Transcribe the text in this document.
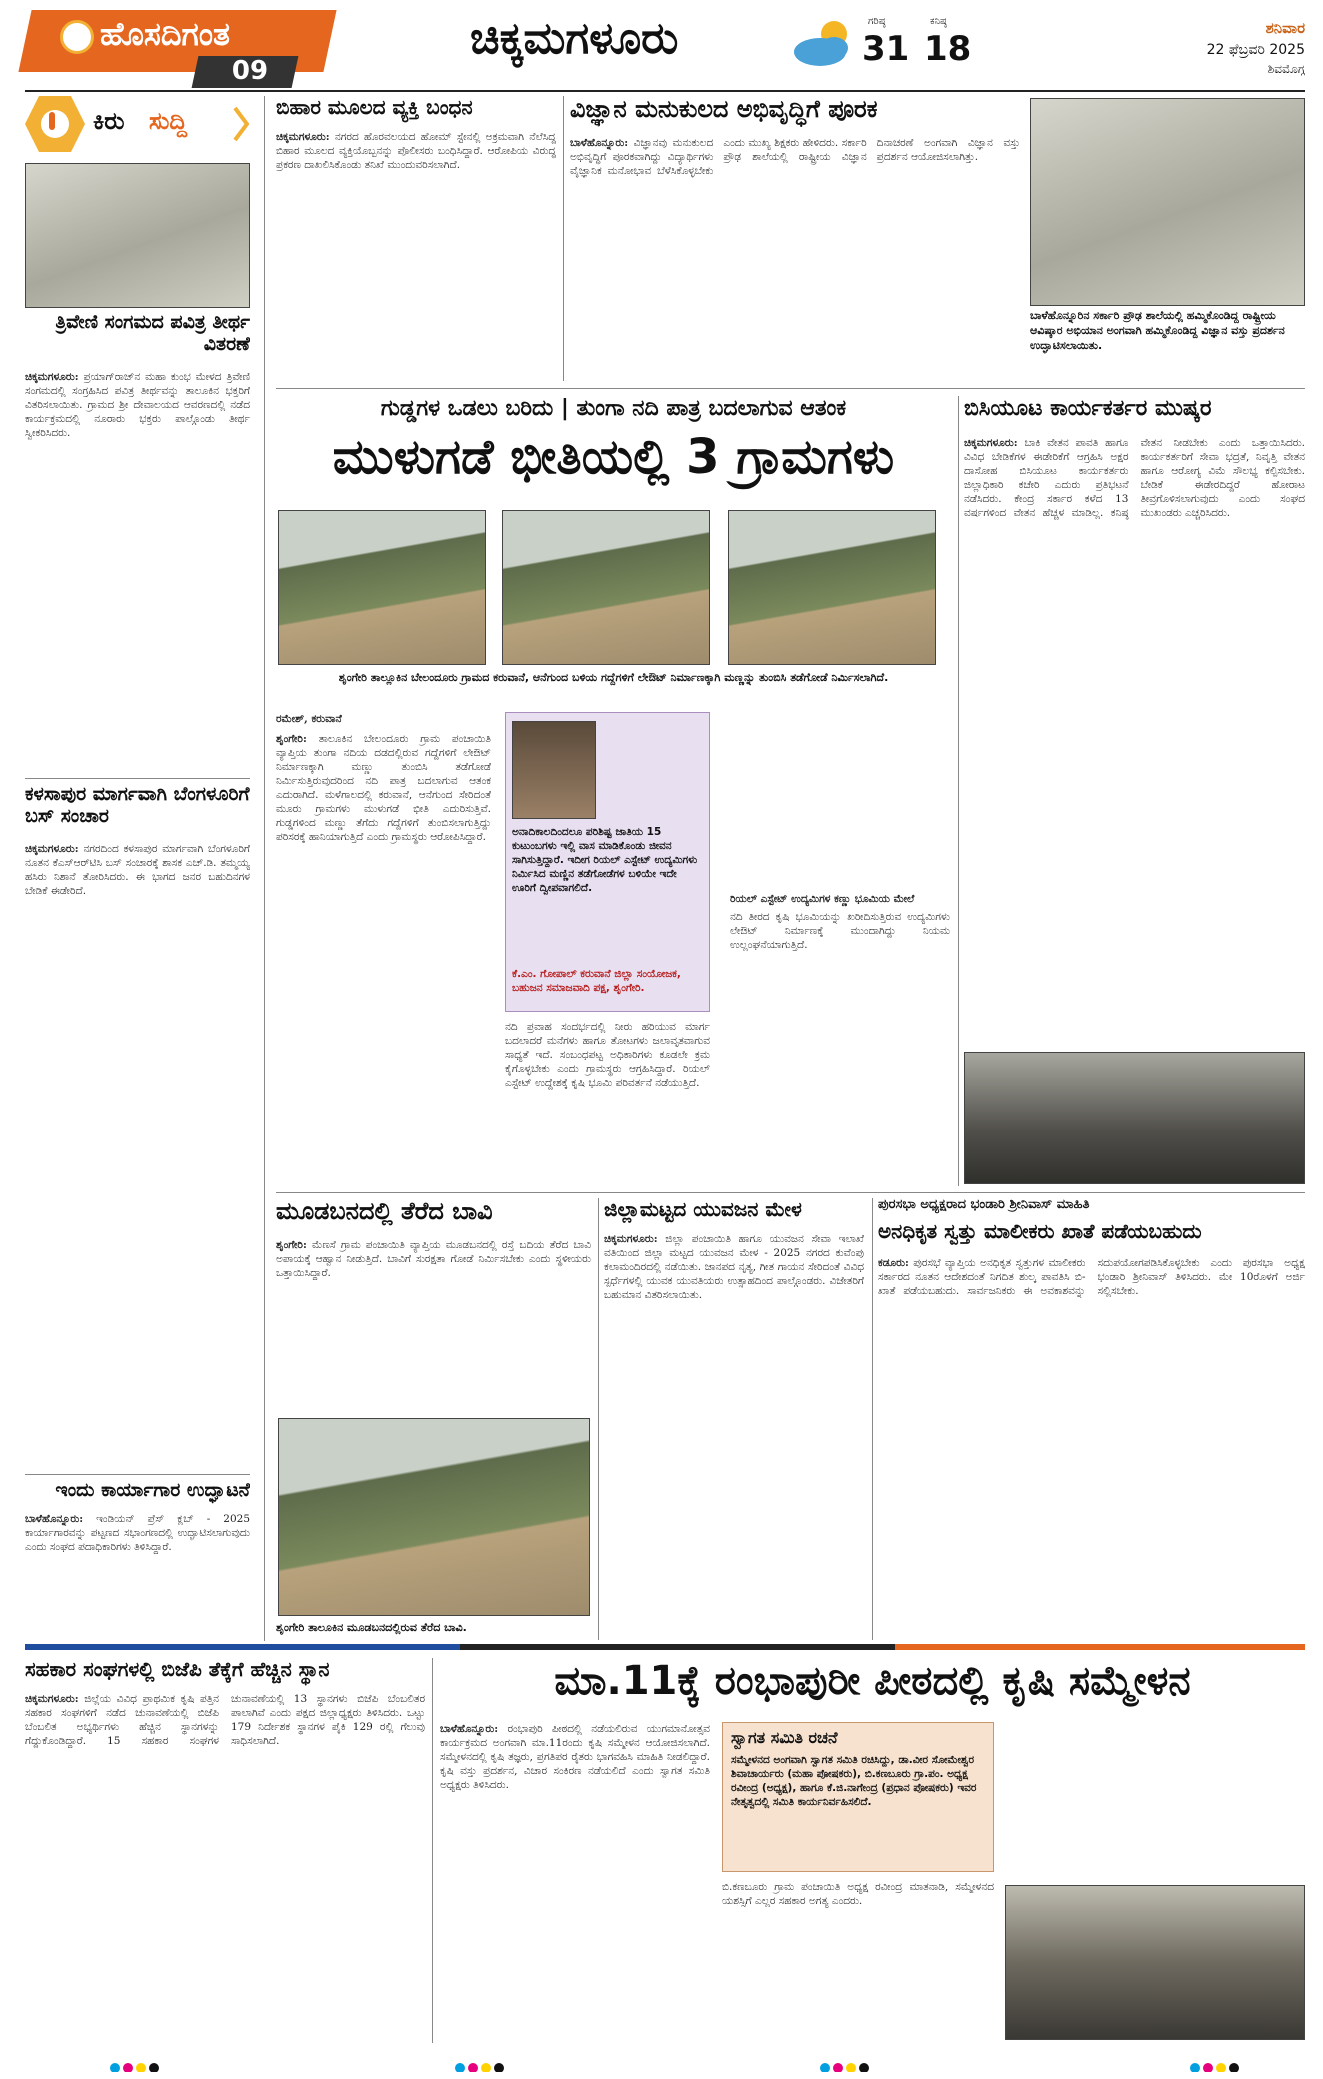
ಹೊಸದಿಗಂತ
09
ಚಿಕ್ಕಮಗಳೂರು	ಗರಿಷ್ಠ
31
ಕನಿಷ್ಠ
18
ಶನಿವಾರ
22 ಫೆಬ್ರವರಿ 2025
ಶಿವಮೊಗ್ಗ
ಕಿರು	ಸುದ್ದಿ
ತ್ರಿವೇಣಿ ಸಂಗಮದ ಪವಿತ್ರ ತೀರ್ಥ ವಿತರಣೆ
ಚಿಕ್ಕಮಗಳೂರು: ಪ್ರಯಾಗ್‌ರಾಜ್‌ನ ಮಹಾ ಕುಂಭ ಮೇಳದ ತ್ರಿವೇಣಿ ಸಂಗಮದಲ್ಲಿ ಸಂಗ್ರಹಿಸಿದ ಪವಿತ್ರ ತೀರ್ಥವನ್ನು ತಾಲೂಕಿನ ಭಕ್ತರಿಗೆ ವಿತರಿಸಲಾಯಿತು. ಗ್ರಾಮದ ಶ್ರೀ ದೇವಾಲಯದ ಆವರಣದಲ್ಲಿ ನಡೆದ ಕಾರ್ಯಕ್ರಮದಲ್ಲಿ ನೂರಾರು ಭಕ್ತರು ಪಾಲ್ಗೊಂಡು ತೀರ್ಥ ಸ್ವೀಕರಿಸಿದರು.
ಕಳಸಾಪುರ ಮಾರ್ಗವಾಗಿ ಬೆಂಗಳೂರಿಗೆ ಬಸ್ ಸಂಚಾರ
ಚಿಕ್ಕಮಗಳೂರು: ನಗರದಿಂದ ಕಳಸಾಪುರ ಮಾರ್ಗವಾಗಿ ಬೆಂಗಳೂರಿಗೆ ನೂತನ ಕೆಎಸ್ಆರ್‌ಟಿಸಿ ಬಸ್ ಸಂಚಾರಕ್ಕೆ ಶಾಸಕ ಎಚ್.ಡಿ. ತಮ್ಮಯ್ಯ ಹಸಿರು ನಿಶಾನೆ ತೋರಿಸಿದರು. ಈ ಭಾಗದ ಜನರ ಬಹುದಿನಗಳ ಬೇಡಿಕೆ ಈಡೇರಿದೆ.
ಇಂದು ಕಾರ್ಯಾಗಾರ ಉದ್ಘಾಟನೆ
ಬಾಳೆಹೊನ್ನೂರು: ಇಂಡಿಯನ್ ಪ್ರೆಸ್ ಕ್ಲಬ್ - 2025 ಕಾರ್ಯಾಗಾರವನ್ನು ಪಟ್ಟಣದ ಸಭಾಂಗಣದಲ್ಲಿ ಉದ್ಘಾಟಿಸಲಾಗುವುದು ಎಂದು ಸಂಘದ ಪದಾಧಿಕಾರಿಗಳು ತಿಳಿಸಿದ್ದಾರೆ.
ಬಿಹಾರ ಮೂಲದ ವ್ಯಕ್ತಿ ಬಂಧನ
ಚಿಕ್ಕಮಗಳೂರು: ನಗರದ ಹೊರವಲಯದ ಹೋಮ್ ಸ್ಟೇನಲ್ಲಿ ಅಕ್ರಮವಾಗಿ ನೆಲೆಸಿದ್ದ ಬಿಹಾರ ಮೂಲದ ವ್ಯಕ್ತಿಯೊಬ್ಬನನ್ನು ಪೊಲೀಸರು ಬಂಧಿಸಿದ್ದಾರೆ. ಆರೋಪಿಯ ವಿರುದ್ಧ ಪ್ರಕರಣ ದಾಖಲಿಸಿಕೊಂಡು ತನಿಖೆ ಮುಂದುವರಿಸಲಾಗಿದೆ.
ವಿಜ್ಞಾನ ಮನುಕುಲದ ಅಭಿವೃದ್ಧಿಗೆ ಪೂರಕ
ಬಾಳೆಹೊನ್ನೂರು: ವಿಜ್ಞಾನವು ಮನುಕುಲದ ಅಭಿವೃದ್ಧಿಗೆ ಪೂರಕವಾಗಿದ್ದು ವಿದ್ಯಾರ್ಥಿಗಳು ವೈಜ್ಞಾನಿಕ ಮನೋಭಾವ ಬೆಳೆಸಿಕೊಳ್ಳಬೇಕು ಎಂದು ಮುಖ್ಯ ಶಿಕ್ಷಕರು ಹೇಳಿದರು. ಸರ್ಕಾರಿ ಪ್ರೌಢ ಶಾಲೆಯಲ್ಲಿ ರಾಷ್ಟ್ರೀಯ ವಿಜ್ಞಾನ ದಿನಾಚರಣೆ ಅಂಗವಾಗಿ ವಿಜ್ಞಾನ ವಸ್ತು ಪ್ರದರ್ಶನ ಆಯೋಜಿಸಲಾಗಿತ್ತು.
ಬಾಳೆಹೊನ್ನೂರಿನ ಸರ್ಕಾರಿ ಪ್ರೌಢ ಶಾಲೆಯಲ್ಲಿ ಹಮ್ಮಿಕೊಂಡಿದ್ದ ರಾಷ್ಟ್ರೀಯ ಆವಿಷ್ಕಾರ ಅಭಿಯಾನ ಅಂಗವಾಗಿ ಹಮ್ಮಿಕೊಂಡಿದ್ದ ವಿಜ್ಞಾನ ವಸ್ತು ಪ್ರದರ್ಶನ ಉದ್ಘಾಟಿಸಲಾಯಿತು.
ಗುಡ್ಡಗಳ ಒಡಲು ಬರಿದು | ತುಂಗಾ ನದಿ ಪಾತ್ರ ಬದಲಾಗುವ ಆತಂಕ
ಮುಳುಗಡೆ ಭೀತಿಯಲ್ಲಿ 3 ಗ್ರಾಮಗಳು
ಶೃಂಗೇರಿ ತಾಲ್ಲೂಕಿನ ಬೇಲಂದೂರು ಗ್ರಾಮದ ಕರುವಾನೆ, ಆನೆಗುಂದ ಬಳಿಯ ಗದ್ದೆಗಳಿಗೆ ಲೇಔಟ್ ನಿರ್ಮಾಣಕ್ಕಾಗಿ ಮಣ್ಣನ್ನು ತುಂಬಿಸಿ ತಡೆಗೋಡೆ ನಿರ್ಮಿಸಲಾಗಿದೆ.
ರಮೇಶ್, ಕರುವಾನೆ
ಶೃಂಗೇರಿ: ತಾಲೂಕಿನ ಬೇಲಂದೂರು ಗ್ರಾಮ ಪಂಚಾಯಿತಿ ವ್ಯಾಪ್ತಿಯ ತುಂಗಾ ನದಿಯ ದಡದಲ್ಲಿರುವ ಗದ್ದೆಗಳಿಗೆ ಲೇಔಟ್ ನಿರ್ಮಾಣಕ್ಕಾಗಿ ಮಣ್ಣು ತುಂಬಿಸಿ ತಡೆಗೋಡೆ ನಿರ್ಮಿಸುತ್ತಿರುವುದರಿಂದ ನದಿ ಪಾತ್ರ ಬದಲಾಗುವ ಆತಂಕ ಎದುರಾಗಿದೆ. ಮಳೆಗಾಲದಲ್ಲಿ ಕರುವಾನೆ, ಆನೆಗುಂದ ಸೇರಿದಂತೆ ಮೂರು ಗ್ರಾಮಗಳು ಮುಳುಗಡೆ ಭೀತಿ ಎದುರಿಸುತ್ತಿವೆ. ಗುಡ್ಡಗಳಿಂದ ಮಣ್ಣು ತೆಗೆದು ಗದ್ದೆಗಳಿಗೆ ತುಂಬಿಸಲಾಗುತ್ತಿದ್ದು ಪರಿಸರಕ್ಕೆ ಹಾನಿಯಾಗುತ್ತಿದೆ ಎಂದು ಗ್ರಾಮಸ್ಥರು ಆರೋಪಿಸಿದ್ದಾರೆ.	ಅನಾದಿಕಾಲದಿಂದಲೂ ಪರಿಶಿಷ್ಟ ಜಾತಿಯ 15 ಕುಟುಂಬಗಳು ಇಲ್ಲಿ ವಾಸ ಮಾಡಿಕೊಂಡು ಜೀವನ ಸಾಗಿಸುತ್ತಿದ್ದಾರೆ. ಇದೀಗ ರಿಯಲ್ ಎಸ್ಟೇಟ್ ಉದ್ಯಮಿಗಳು ನಿರ್ಮಿಸಿದ ಮಣ್ಣಿನ ತಡೆಗೋಡೆಗಳ ಬಳಿಯೇ ಇದೇ ಊರಿಗೆ ದ್ವೀಪವಾಗಲಿದೆ.
ಕೆ.ಎಂ. ಗೋಪಾಲ್ ಕರುವಾನೆ ಜಿಲ್ಲಾ ಸಂಯೋಜಕ, ಬಹುಜನ ಸಮಾಜವಾದಿ ಪಕ್ಷ, ಶೃಂಗೇರಿ.
ನದಿ ಪ್ರವಾಹ ಸಂದರ್ಭದಲ್ಲಿ ನೀರು ಹರಿಯುವ ಮಾರ್ಗ ಬದಲಾದರೆ ಮನೆಗಳು ಹಾಗೂ ತೋಟಗಳು ಜಲಾವೃತವಾಗುವ ಸಾಧ್ಯತೆ ಇದೆ. ಸಂಬಂಧಪಟ್ಟ ಅಧಿಕಾರಿಗಳು ಕೂಡಲೇ ಕ್ರಮ ಕೈಗೊಳ್ಳಬೇಕು ಎಂದು ಗ್ರಾಮಸ್ಥರು ಆಗ್ರಹಿಸಿದ್ದಾರೆ. ರಿಯಲ್ ಎಸ್ಟೇಟ್ ಉದ್ದೇಶಕ್ಕೆ ಕೃಷಿ ಭೂಮಿ ಪರಿವರ್ತನೆ ನಡೆಯುತ್ತಿದೆ.
ರಿಯಲ್ ಎಸ್ಟೇಟ್ ಉದ್ಯಮಿಗಳ ಕಣ್ಣು ಭೂಮಿಯ ಮೇಲೆ
ನದಿ ತೀರದ ಕೃಷಿ ಭೂಮಿಯನ್ನು ಖರೀದಿಸುತ್ತಿರುವ ಉದ್ಯಮಿಗಳು ಲೇಔಟ್ ನಿರ್ಮಾಣಕ್ಕೆ ಮುಂದಾಗಿದ್ದು ನಿಯಮ ಉಲ್ಲಂಘನೆಯಾಗುತ್ತಿದೆ.
ಬಿಸಿಯೂಟ ಕಾರ್ಯಕರ್ತರ ಮುಷ್ಕರ
ಚಿಕ್ಕಮಗಳೂರು: ಬಾಕಿ ವೇತನ ಪಾವತಿ ಹಾಗೂ ವಿವಿಧ ಬೇಡಿಕೆಗಳ ಈಡೇರಿಕೆಗೆ ಆಗ್ರಹಿಸಿ ಅಕ್ಷರ ದಾಸೋಹ ಬಿಸಿಯೂಟ ಕಾರ್ಯಕರ್ತರು ಜಿಲ್ಲಾಧಿಕಾರಿ ಕಚೇರಿ ಎದುರು ಪ್ರತಿಭಟನೆ ನಡೆಸಿದರು. ಕೇಂದ್ರ ಸರ್ಕಾರ ಕಳೆದ 13 ವರ್ಷಗಳಿಂದ ವೇತನ ಹೆಚ್ಚಳ ಮಾಡಿಲ್ಲ. ಕನಿಷ್ಠ ವೇತನ ನೀಡಬೇಕು ಎಂದು ಒತ್ತಾಯಿಸಿದರು. ಕಾರ್ಯಕರ್ತರಿಗೆ ಸೇವಾ ಭದ್ರತೆ, ನಿವೃತ್ತಿ ವೇತನ ಹಾಗೂ ಆರೋಗ್ಯ ವಿಮೆ ಸೌಲಭ್ಯ ಕಲ್ಪಿಸಬೇಕು. ಬೇಡಿಕೆ ಈಡೇರದಿದ್ದರೆ ಹೋರಾಟ ತೀವ್ರಗೊಳಿಸಲಾಗುವುದು ಎಂದು ಸಂಘದ ಮುಖಂಡರು ಎಚ್ಚರಿಸಿದರು.
ಮೂಡಬನದಲ್ಲಿ ತೆರೆದ ಬಾವಿ
ಶೃಂಗೇರಿ: ಮೆಣಸೆ ಗ್ರಾಮ ಪಂಚಾಯಿತಿ ವ್ಯಾಪ್ತಿಯ ಮೂಡಬನದಲ್ಲಿ ರಸ್ತೆ ಬದಿಯ ತೆರೆದ ಬಾವಿ ಅಪಾಯಕ್ಕೆ ಆಹ್ವಾನ ನೀಡುತ್ತಿದೆ. ಬಾವಿಗೆ ಸುರಕ್ಷತಾ ಗೋಡೆ ನಿರ್ಮಿಸಬೇಕು ಎಂದು ಸ್ಥಳೀಯರು ಒತ್ತಾಯಿಸಿದ್ದಾರೆ.
ಶೃಂಗೇರಿ ತಾಲೂಕಿನ ಮೂಡಬನದಲ್ಲಿರುವ ತೆರೆದ ಬಾವಿ.
ಜಿಲ್ಲಾಮಟ್ಟದ ಯುವಜನ ಮೇಳ
ಚಿಕ್ಕಮಗಳೂರು: ಜಿಲ್ಲಾ ಪಂಚಾಯಿತಿ ಹಾಗೂ ಯುವಜನ ಸೇವಾ ಇಲಾಖೆ ವತಿಯಿಂದ ಜಿಲ್ಲಾ ಮಟ್ಟದ ಯುವಜನ ಮೇಳ - 2025 ನಗರದ ಕುವೆಂಪು ಕಲಾಮಂದಿರದಲ್ಲಿ ನಡೆಯಿತು. ಜಾನಪದ ನೃತ್ಯ, ಗೀತ ಗಾಯನ ಸೇರಿದಂತೆ ವಿವಿಧ ಸ್ಪರ್ಧೆಗಳಲ್ಲಿ ಯುವಕ ಯುವತಿಯರು ಉತ್ಸಾಹದಿಂದ ಪಾಲ್ಗೊಂಡರು. ವಿಜೇತರಿಗೆ ಬಹುಮಾನ ವಿತರಿಸಲಾಯಿತು.
ಪುರಸಭಾ ಅಧ್ಯಕ್ಷರಾದ ಭಂಡಾರಿ ಶ್ರೀನಿವಾಸ್ ಮಾಹಿತಿ
ಅನಧಿಕೃತ ಸ್ವತ್ತು ಮಾಲೀಕರು ಖಾತೆ ಪಡೆಯಬಹುದು
ಕಡೂರು: ಪುರಸಭೆ ವ್ಯಾಪ್ತಿಯ ಅನಧಿಕೃತ ಸ್ವತ್ತುಗಳ ಮಾಲೀಕರು ಸರ್ಕಾರದ ನೂತನ ಆದೇಶದಂತೆ ನಿಗದಿತ ಶುಲ್ಕ ಪಾವತಿಸಿ ಬಿ-ಖಾತೆ ಪಡೆಯಬಹುದು. ಸಾರ್ವಜನಿಕರು ಈ ಅವಕಾಶವನ್ನು ಸದುಪಯೋಗಪಡಿಸಿಕೊಳ್ಳಬೇಕು ಎಂದು ಪುರಸಭಾ ಅಧ್ಯಕ್ಷ ಭಂಡಾರಿ ಶ್ರೀನಿವಾಸ್ ತಿಳಿಸಿದರು. ಮೇ 10ರೊಳಗೆ ಅರ್ಜಿ ಸಲ್ಲಿಸಬೇಕು.
ಸಹಕಾರ ಸಂಘಗಳಲ್ಲಿ ಬಿಜೆಪಿ ತೆಕ್ಕೆಗೆ ಹೆಚ್ಚಿನ ಸ್ಥಾನ
ಚಿಕ್ಕಮಗಳೂರು: ಜಿಲ್ಲೆಯ ವಿವಿಧ ಪ್ರಾಥಮಿಕ ಕೃಷಿ ಪತ್ತಿನ ಸಹಕಾರ ಸಂಘಗಳಿಗೆ ನಡೆದ ಚುನಾವಣೆಯಲ್ಲಿ ಬಿಜೆಪಿ ಬೆಂಬಲಿತ ಅಭ್ಯರ್ಥಿಗಳು ಹೆಚ್ಚಿನ ಸ್ಥಾನಗಳನ್ನು ಗೆದ್ದುಕೊಂಡಿದ್ದಾರೆ. 15 ಸಹಕಾರ ಸಂಘಗಳ ಚುನಾವಣೆಯಲ್ಲಿ 13 ಸ್ಥಾನಗಳು ಬಿಜೆಪಿ ಬೆಂಬಲಿತರ ಪಾಲಾಗಿವೆ ಎಂದು ಪಕ್ಷದ ಜಿಲ್ಲಾಧ್ಯಕ್ಷರು ತಿಳಿಸಿದರು. ಒಟ್ಟು 179 ನಿರ್ದೇಶಕ ಸ್ಥಾನಗಳ ಪೈಕಿ 129 ರಲ್ಲಿ ಗೆಲುವು ಸಾಧಿಸಲಾಗಿದೆ.
ಮಾ.11ಕ್ಕೆ ರಂಭಾಪುರೀ ಪೀಠದಲ್ಲಿ ಕೃಷಿ ಸಮ್ಮೇಳನ
ಬಾಳೆಹೊನ್ನೂರು: ರಂಭಾಪುರಿ ಪೀಠದಲ್ಲಿ ನಡೆಯಲಿರುವ ಯುಗಮಾನೋತ್ಸವ ಕಾರ್ಯಕ್ರಮದ ಅಂಗವಾಗಿ ಮಾ.11ರಂದು ಕೃಷಿ ಸಮ್ಮೇಳನ ಆಯೋಜಿಸಲಾಗಿದೆ. ಸಮ್ಮೇಳನದಲ್ಲಿ ಕೃಷಿ ತಜ್ಞರು, ಪ್ರಗತಿಪರ ರೈತರು ಭಾಗವಹಿಸಿ ಮಾಹಿತಿ ನೀಡಲಿದ್ದಾರೆ. ಕೃಷಿ ವಸ್ತು ಪ್ರದರ್ಶನ, ವಿಚಾರ ಸಂಕಿರಣ ನಡೆಯಲಿದೆ ಎಂದು ಸ್ವಾಗತ ಸಮಿತಿ ಅಧ್ಯಕ್ಷರು ತಿಳಿಸಿದರು.
ಸ್ವಾಗತ ಸಮಿತಿ ರಚನೆ
ಸಮ್ಮೇಳನದ ಅಂಗವಾಗಿ ಸ್ವಾಗತ ಸಮಿತಿ ರಚಿಸಿದ್ದು, ಡಾ.ವೀರ ಸೋಮೇಶ್ವರ ಶಿವಾಚಾರ್ಯರು (ಮಹಾ ಪೋಷಕರು), ಬಿ.ಕಣಬೂರು ಗ್ರಾ.ಪಂ. ಅಧ್ಯಕ್ಷ ರವೀಂದ್ರ (ಅಧ್ಯಕ್ಷ), ಹಾಗೂ ಕೆ.ಜಿ.ನಾಗೇಂದ್ರ (ಪ್ರಧಾನ ಪೋಷಕರು) ಇವರ ನೇತೃತ್ವದಲ್ಲಿ ಸಮಿತಿ ಕಾರ್ಯನಿರ್ವಹಿಸಲಿದೆ.
ಬಿ.ಕಣಬೂರು ಗ್ರಾಮ ಪಂಚಾಯಿತಿ ಅಧ್ಯಕ್ಷ ರವೀಂದ್ರ ಮಾತನಾಡಿ, ಸಮ್ಮೇಳನದ ಯಶಸ್ಸಿಗೆ ಎಲ್ಲರ ಸಹಕಾರ ಅಗತ್ಯ ಎಂದರು.
